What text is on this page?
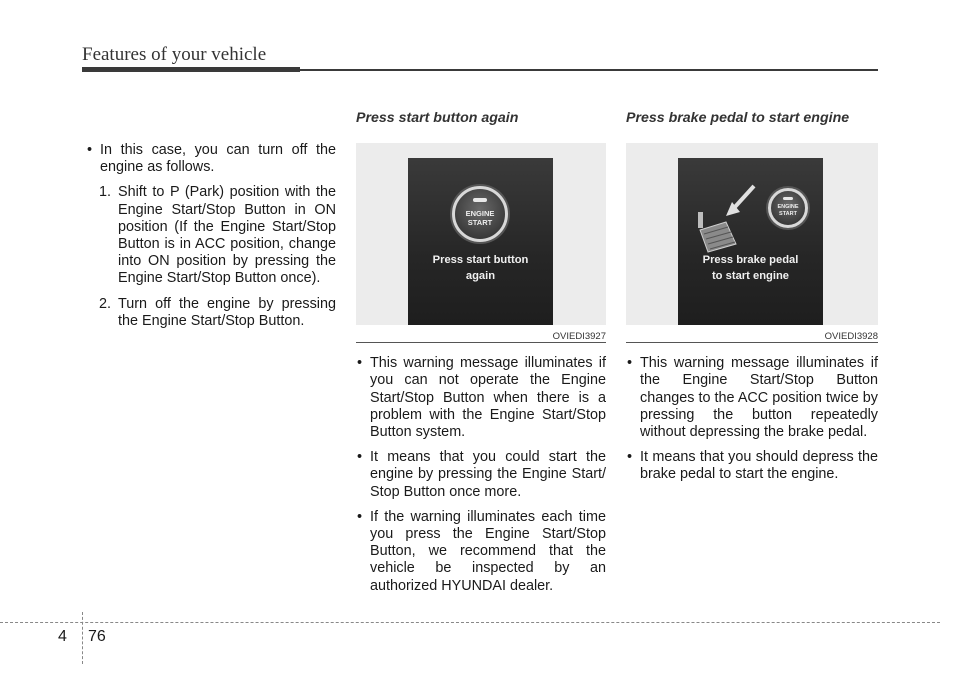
Features of your vehicle
• In this case, you can turn off the engine as follows.
1. Shift to P (Park) position with the Engine Start/Stop Button in ON position (If the Engine Start/Stop Button is in ACC position, change into ON position by pressing the Engine Start/Stop Button once).
2. Turn off the engine by pressing the Engine Start/Stop Button.
Press start button again
ENGINE
START
Press start button
again
OVIEDI3927
• This warning message illuminates if you can not operate the Engine Start/Stop Button when there is a problem with the Engine Start/Stop Button system.
• It means that you could start the engine by pressing the Engine Start/ Stop Button once more.
• If the warning illuminates each time you press the Engine Start/Stop Button, we recommend that the vehicle be inspected by an authorized HYUNDAI dealer.
Press brake pedal to start engine
ENGINE
START
Press brake pedal
to start engine
OVIEDI3928
• This warning message illuminates if the Engine Start/Stop Button changes to the ACC position twice by pressing the button repeatedly without depressing the brake pedal.
• It means that you should depress the brake pedal to start the engine.
4 76
